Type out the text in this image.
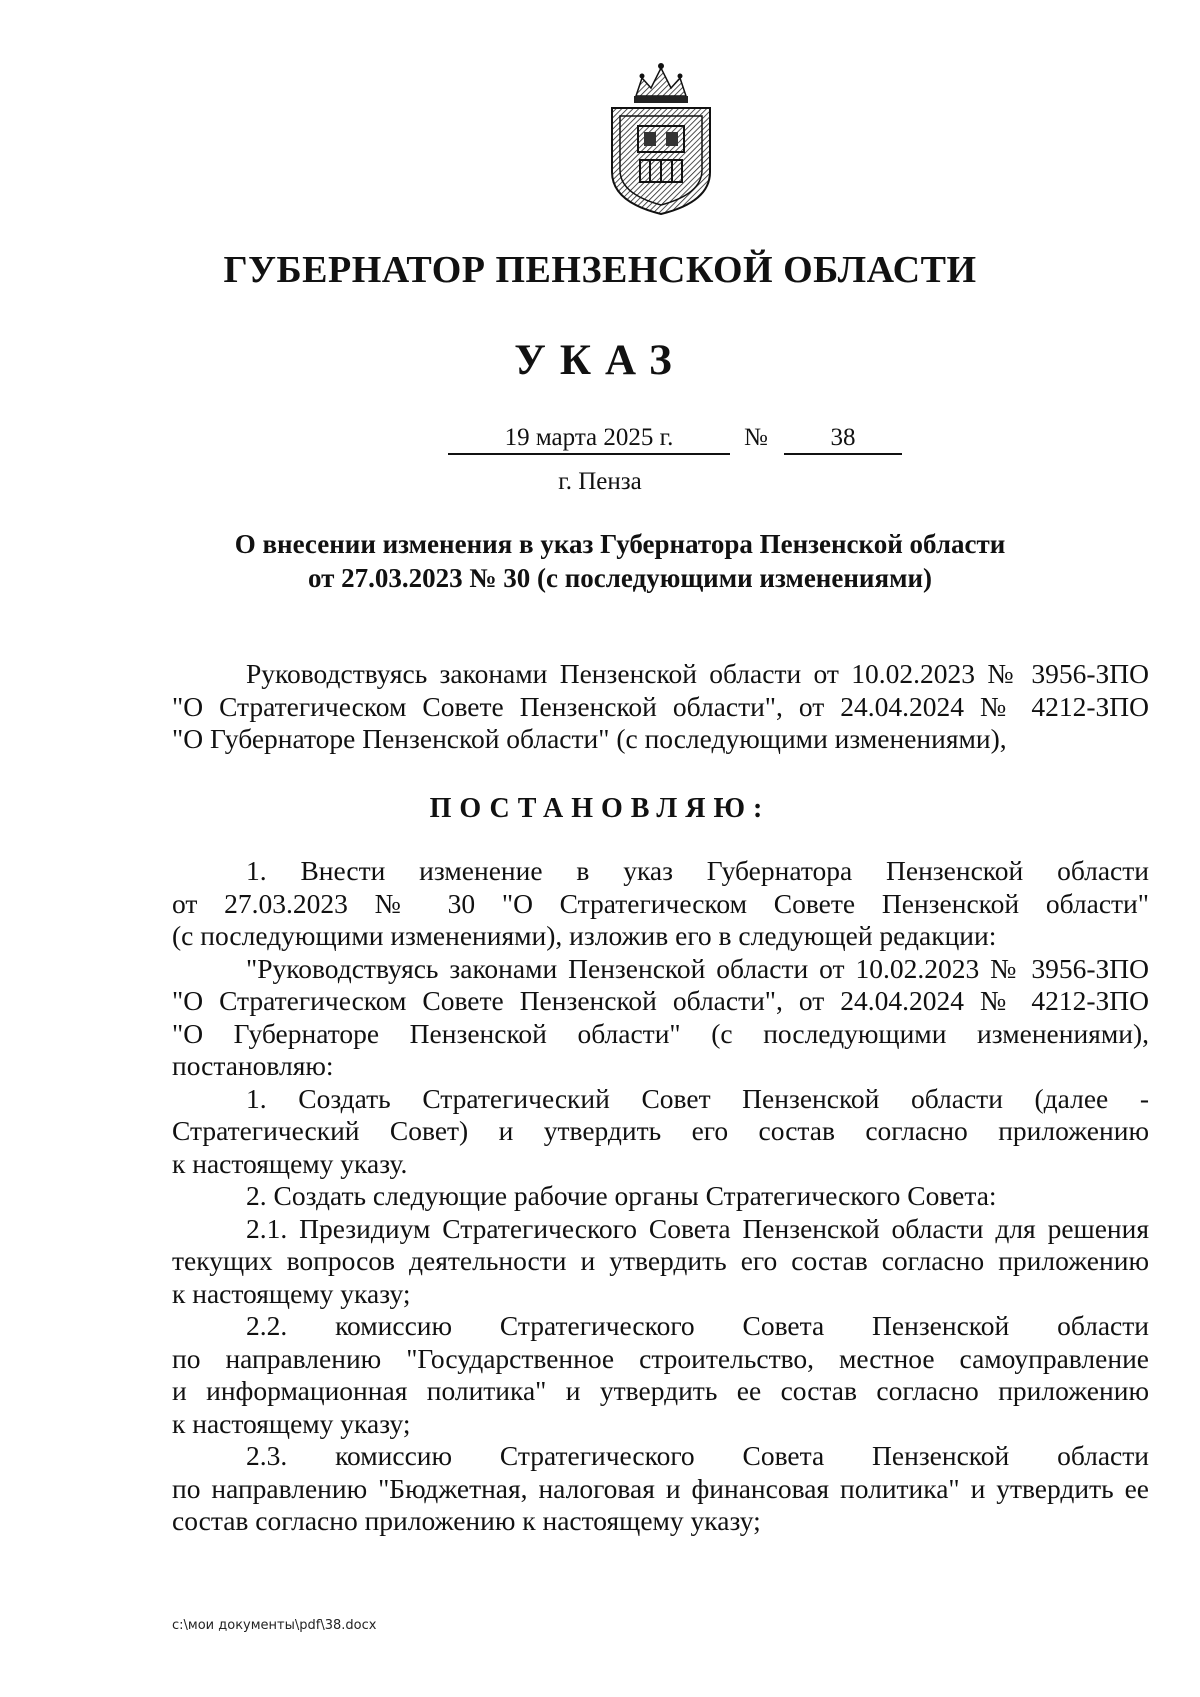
ГУБЕРНАТОР ПЕНЗЕНСКОЙ ОБЛАСТИ
УКАЗ
19 марта 2025 г.	№	38
г. Пенза
О внесении изменения в указ Губернатора Пензенской области
от 27.03.2023 № 30 (с последующими изменениями)

Руководствуясь законами Пензенской области от 10.02.2023 № 3956-ЗПО

"О Стратегическом Совете Пензенской области", от 24.04.2024 № 4212-ЗПО

"О Губернаторе Пензенской области" (с последующими изменениями),

ПОСТАНОВЛЯЮ:

1. Внести изменение в указ Губернатора Пензенской области

от 27.03.2023 № 30 "О Стратегическом Совете Пензенской области"

(с последующими изменениями), изложив его в следующей редакции:

"Руководствуясь законами Пензенской области от 10.02.2023 № 3956-ЗПО

"О Стратегическом Совете Пензенской области", от 24.04.2024 № 4212-ЗПО

"О Губернаторе Пензенской области" (с последующими изменениями),

постановляю:

1. Создать Стратегический Совет Пензенской области (далее -

Стратегический Совет) и утвердить его состав согласно приложению

к настоящему указу.

2. Создать следующие рабочие органы Стратегического Совета:

2.1. Президиум Стратегического Совета Пензенской области для решения

текущих вопросов деятельности и утвердить его состав согласно приложению

к настоящему указу;

2.2. комиссию Стратегического Совета Пензенской области

по направлению "Государственное строительство, местное самоуправление

и информационная политика" и утвердить ее состав согласно приложению

к настоящему указу;

2.3. комиссию Стратегического Совета Пензенской области

по направлению "Бюджетная, налоговая и финансовая политика" и утвердить ее

состав согласно приложению к настоящему указу;

c:\мои документы\pdf\38.docx
